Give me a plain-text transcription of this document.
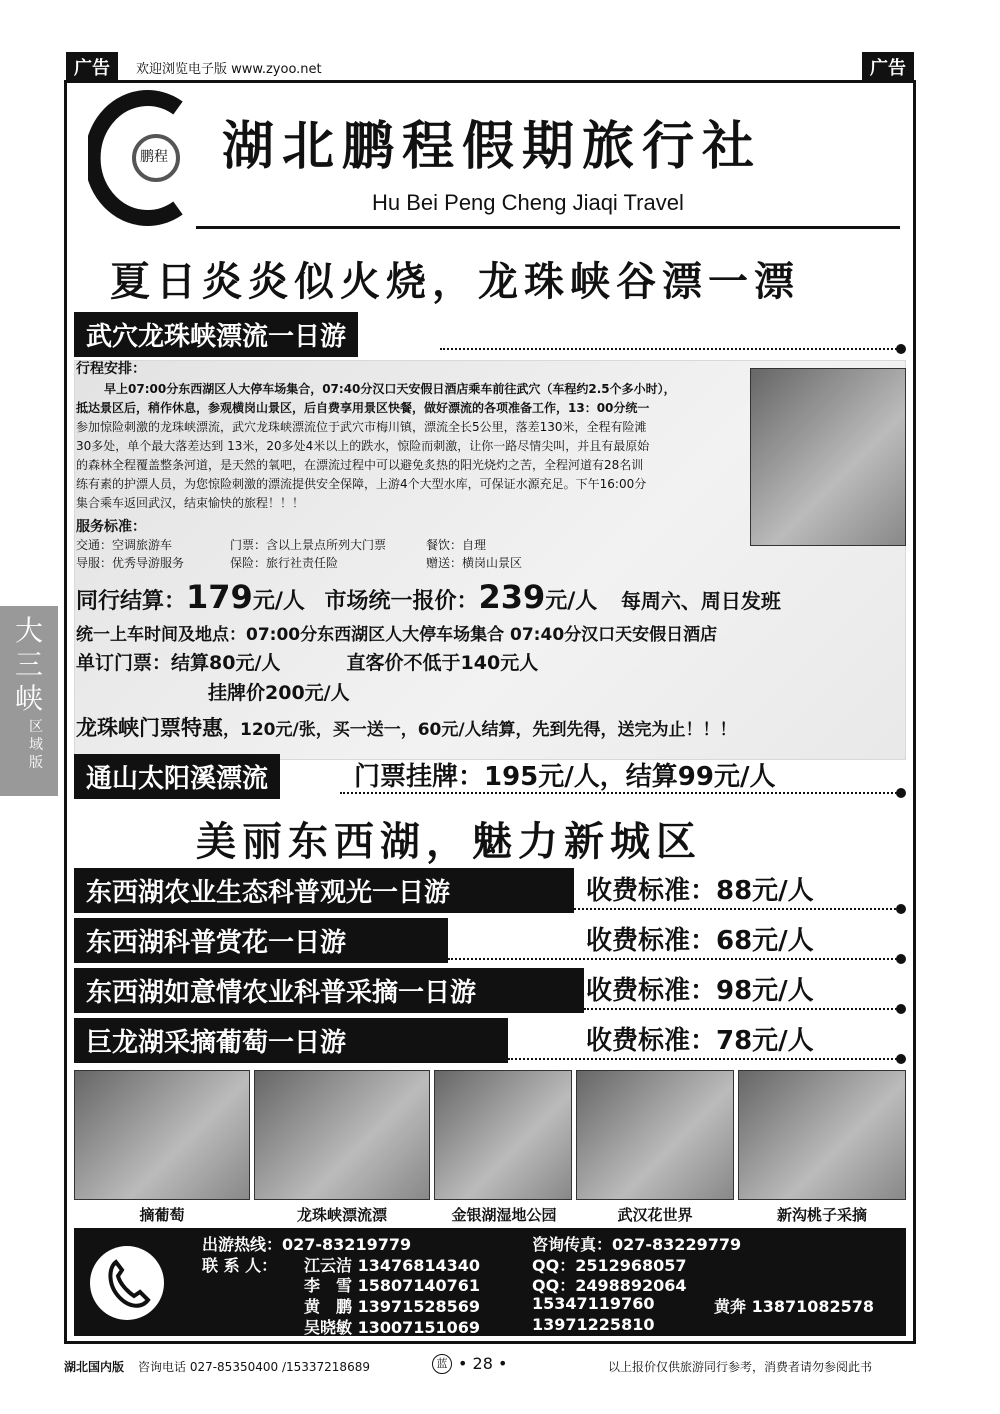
广告	欢迎浏览电子版 www.zyoo.net	广告
鹏程 湖北鹏程假期旅行社
Hu Bei Peng Cheng Jiaqi Travel
夏日炎炎似火烧，龙珠峡谷漂一漂
武穴龙珠峡漂流一日游
行程安排：
早上07:00分东西湖区人大停车场集合，07:40分汉口天安假日酒店乘车前往武穴（车程约2.5个多小时），
抵达景区后，稍作休息，参观横岗山景区，后自费享用景区快餐，做好漂流的各项准备工作，13：00分统一
参加惊险刺激的龙珠峡漂流，武穴龙珠峡漂流位于武穴市梅川镇，漂流全长5公里，落差130米，全程有险滩
30多处，单个最大落差达到 13米，20多处4米以上的跌水，惊险而刺激，让你一路尽情尖叫，并且有最原始
的森林全程覆盖整条河道，是天然的氧吧，在漂流过程中可以避免炙热的阳光烧灼之苦，全程河道有28名训
练有素的护漂人员，为您惊险刺激的漂流提供安全保障，上游4个大型水库，可保证水源充足。下午16:00分
集合乘车返回武汉，结束愉快的旅程！！！
服务标准：
交通：空调旅游车	门票：含以上景点所列大门票	餐饮：自理
导服：优秀导游服务	保险：旅行社责任险	赠送：横岗山景区
同行结算：179元/人 市场统一报价：239元/人 每周六、周日发班
统一上车时间及地点：07:00分东西湖区人大停车场集合 07:40分汉口天安假日酒店
单订门票：结算80元/人          直客价不低于140元人
挂牌价200元/人
龙珠峡门票特惠，120元/张，买一送一，60元/人结算，先到先得，送完为止！！！
通山太阳溪漂流	门票挂牌：195元/人，结算99元/人
美丽东西湖，魅力新城区
东西湖农业生态科普观光一日游	收费标准：88元/人
东西湖科普赏花一日游	收费标准：68元/人
东西湖如意情农业科普采摘一日游	收费标准：98元/人
巨龙湖采摘葡萄一日游	收费标准：78元/人
摘葡萄	龙珠峡漂流漂	金银湖湿地公园	武汉花世界	新沟桃子采摘
出游热线：027-83219779	咨询传真：027-83229779
联 系 人： 江云洁 13476814340	QQ：2512968057
李　雪 15807140761	QQ：2498892064
黄　鹏 13971528569	15347119760	黄奔 13871082578
吴晓敏 13007151069	13971225810
大三峡
区域版
湖北国内版 咨询电话 027-85350400 /15337218689	蓝 • 28 •	以上报价仅供旅游同行参考，消费者请勿参阅此书
